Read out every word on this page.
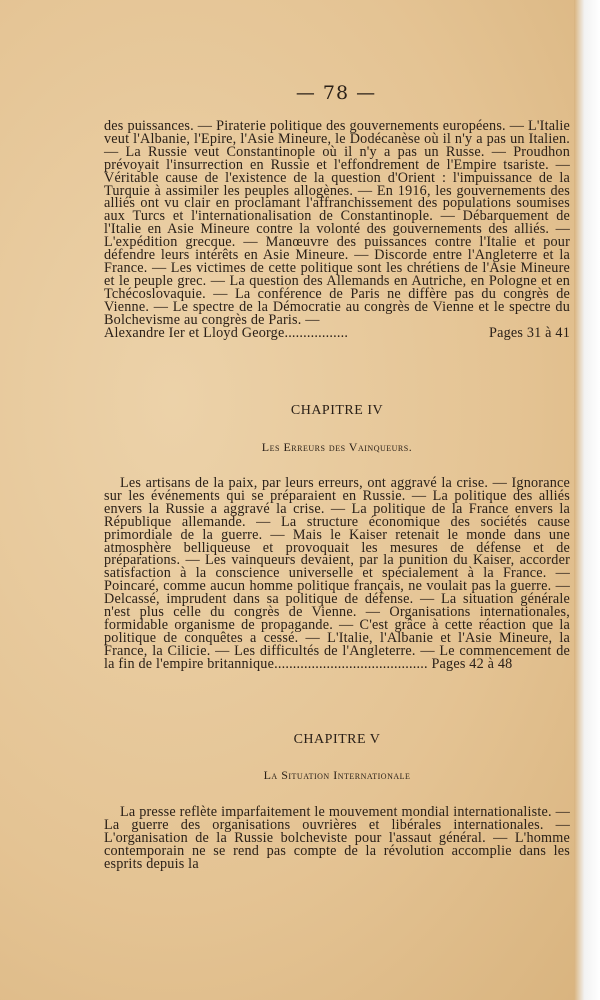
— 78 —

des puissances. — Piraterie politique des gouvernements européens. — L'Italie veut l'Albanie, l'Epire, l'Asie Mineure, le Dodécanèse où il n'y a pas un Italien. — La Russie veut Constantinople où il n'y a pas un Russe. — Proudhon prévoyait l'insurrection en Russie et l'effondrement de l'Empire tsariste. — Véritable cause de l'existence de la question d'Orient : l'impuissance de la Turquie à assimiler les peuples allogènes. — En 1916, les gouvernements des alliés ont vu clair en proclamant l'affranchissement des populations soumises aux Turcs et l'internationalisation de Constantinople. — Débarquement de l'Italie en Asie Mineure contre la volonté des gouvernements des alliés. — L'expédition grecque. — Manœuvre des puissances contre l'Italie et pour défendre leurs intérêts en Asie Mineure. — Discorde entre l'Angleterre et la France. — Les victimes de cette politique sont les chrétiens de l'Asie Mineure et le peuple grec. — La question des Allemands en Autriche, en Pologne et en Tchécoslovaquie. — La conférence de Paris ne diffère pas du congrès de Vienne. — Le spectre de la Démocratie au congrès de Vienne et le spectre du Bolchevisme au congrès de Paris. —

Alexandre Ier et Lloyd George.................	Pages 31 à 41
CHAPITRE IV
Les Erreurs des Vainqueurs.

Les artisans de la paix, par leurs erreurs, ont aggravé la crise. — Ignorance sur les événements qui se préparaient en Russie. — La politique des alliés envers la Russie a aggravé la crise. — La politique de la France envers la République allemande. — La structure économique des sociétés cause primordiale de la guerre. — Mais le Kaiser retenait le monde dans une atmosphère belliqueuse et provoquait les mesures de défense et de préparations. — Les vainqueurs devaient, par la punition du Kaiser, accorder satisfaction à la conscience universelle et spécialement à la France. — Poincaré, comme aucun homme politique français, ne voulait pas la guerre. — Delcassé, imprudent dans sa politique de défense. — La situation générale n'est plus celle du congrès de Vienne. — Organisations internationales, formidable organisme de propagande. — C'est grâce à cette réaction que la politique de conquêtes a cessé. — L'Italie, l'Albanie et l'Asie Mineure, la France, la Cilicie. — Les difficultés de l'Angleterre. — Le commencement de la fin de l'empire britannique......................................... Pages 42 à 48

CHAPITRE V
La Situation Internationale

La presse reflète imparfaitement le mouvement mondial internationaliste. — La guerre des organisations ouvrières et libérales internationales. — L'organisation de la Russie bolcheviste pour l'assaut général. — L'homme contemporain ne se rend pas compte de la révolution accomplie dans les esprits depuis la
